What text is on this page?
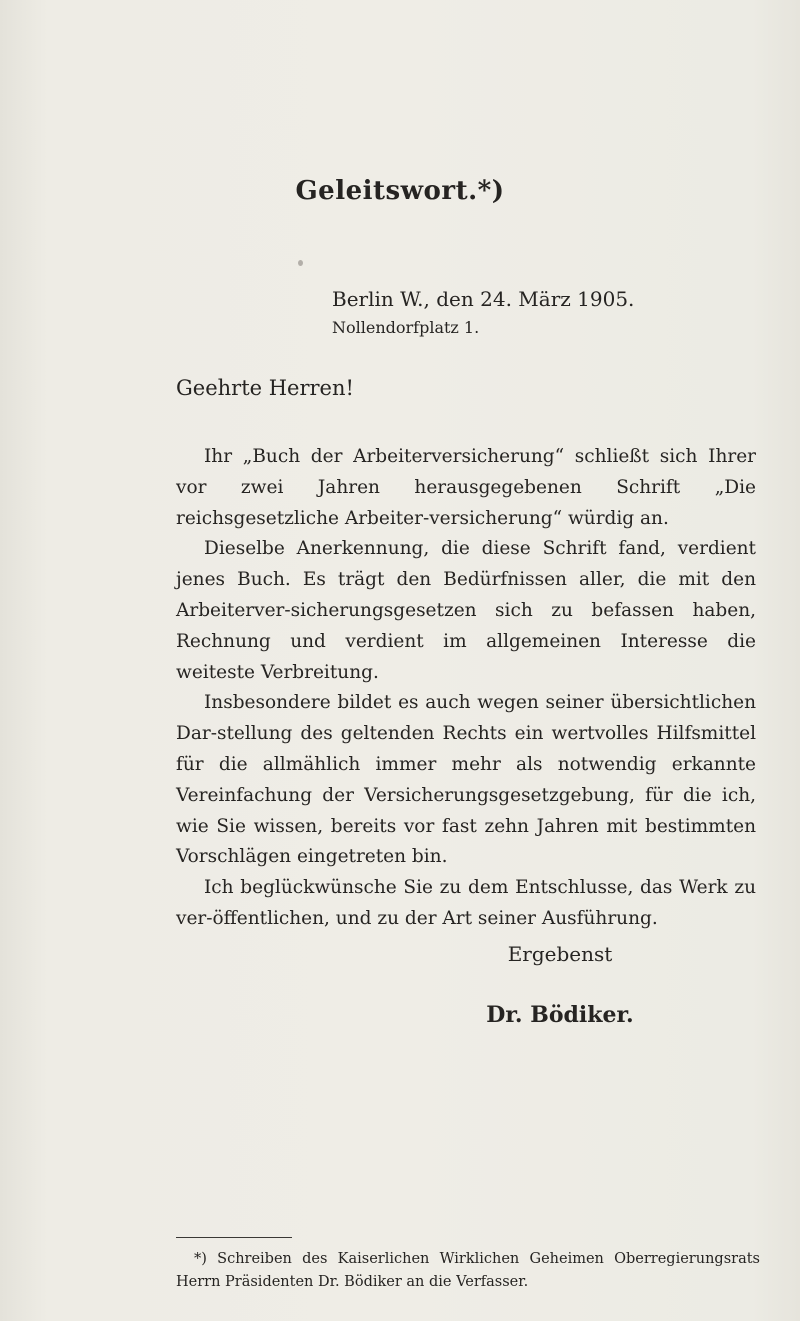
Geleitswort.*)
Berlin W., den 24. März 1905.
Nollendorfplatz 1.
Geehrte Herren!

Ihr „Buch der Arbeiterversicherung“ schließt sich Ihrer vor zwei Jahren herausgegebenen Schrift „Die reichsgesetzliche Arbeiter-versicherung“ würdig an.

Dieselbe Anerkennung, die diese Schrift fand, verdient jenes Buch. Es trägt den Bedürfnissen aller, die mit den Arbeiterver-sicherungsgesetzen sich zu befassen haben, Rechnung und verdient im allgemeinen Interesse die weiteste Verbreitung.

Insbesondere bildet es auch wegen seiner übersichtlichen Dar-stellung des geltenden Rechts ein wertvolles Hilfsmittel für die allmählich immer mehr als notwendig erkannte Vereinfachung der Versicherungsgesetzgebung, für die ich, wie Sie wissen, bereits vor fast zehn Jahren mit bestimmten Vorschlägen eingetreten bin.

Ich beglückwünsche Sie zu dem Entschlusse, das Werk zu ver-öffentlichen, und zu der Art seiner Ausführung.

Ergebenst
Dr. Bödiker.
*) Schreiben des Kaiserlichen Wirklichen Geheimen Oberregierungsrats Herrn Präsidenten Dr. Bödiker an die Verfasser.
